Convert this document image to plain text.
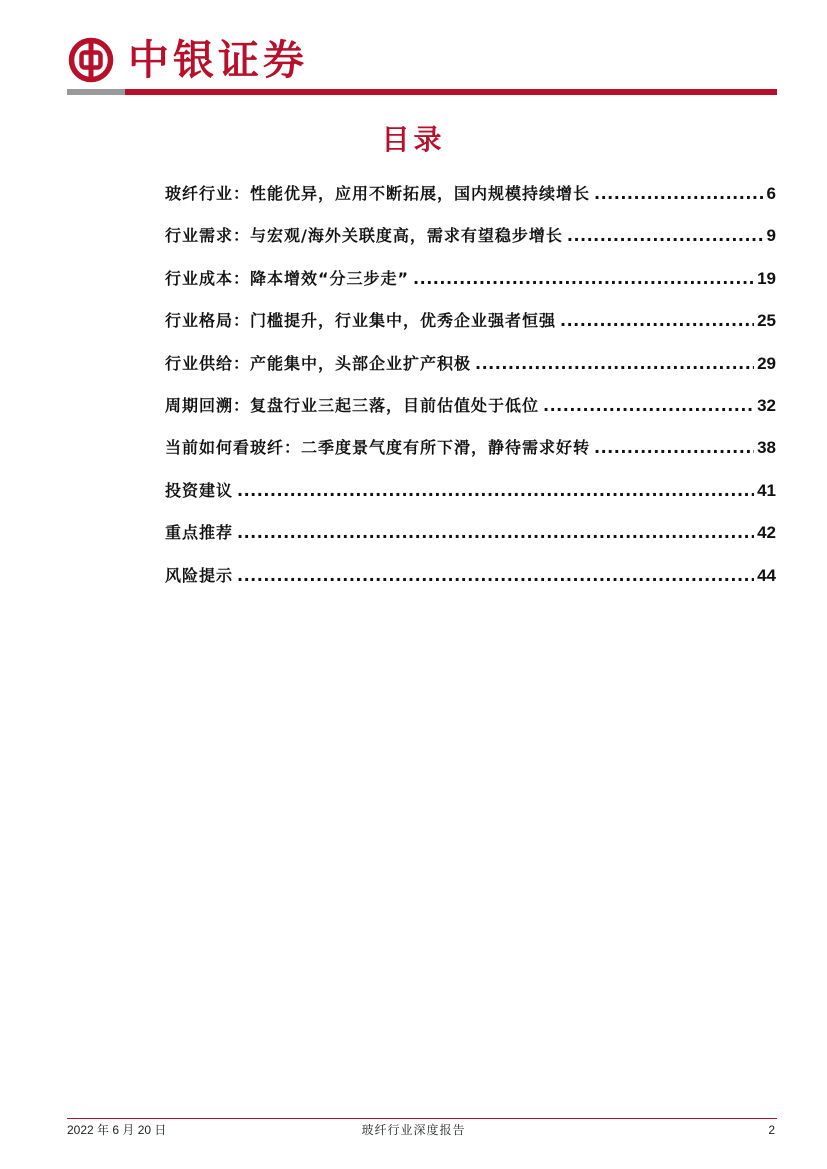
中银证券
目录
玻纤行业：性能优异，应用不断拓展，国内规模持续增长 .....	6
行业需求：与宏观/海外关联度高，需求有望稳步增长 .....	9
行业成本：降本增效“分三步走” .....	19
行业格局：门槛提升，行业集中，优秀企业强者恒强 .....	25
行业供给：产能集中，头部企业扩产积极 .....	29
周期回溯：复盘行业三起三落，目前估值处于低位 .....	32
当前如何看玻纤：二季度景气度有所下滑，静待需求好转 .....	38
投资建议 .....	41
重点推荐 .....	42
风险提示 .....	44
2022 年 6 月 20 日	玻纤行业深度报告	2
